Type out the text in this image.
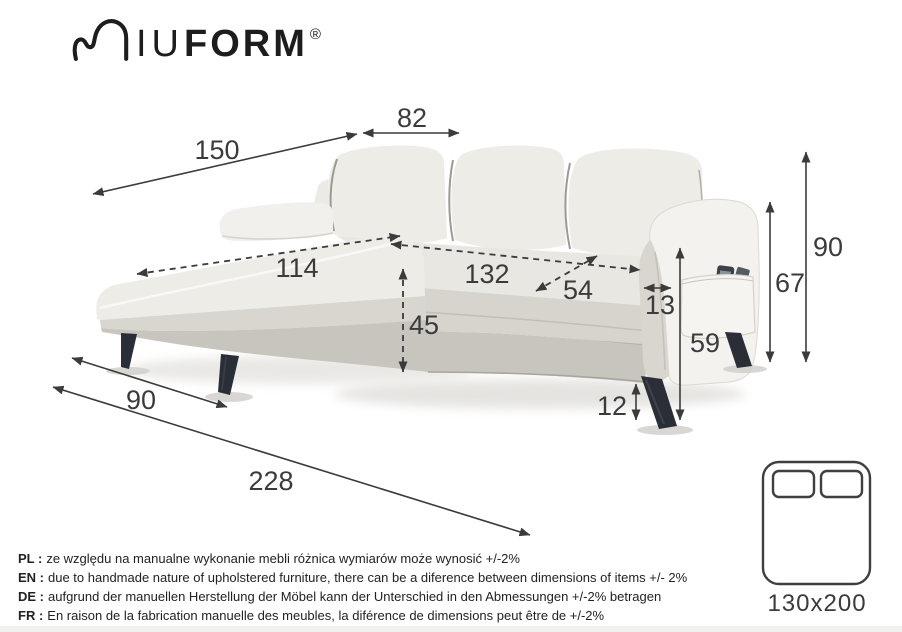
IU FORM ®
150
82
114	132
54
45
13
59
12
67
90
90
228
130x200
PL : ze względu na manualne wykonanie mebli różnica wymiarów może wynosić +/-2%
EN : due to handmade nature of upholstered furniture, there can be a diference between dimensions of items +/- 2%
DE : aufgrund der manuellen Herstellung der Möbel kann der Unterschied in den Abmessungen +/-2% betragen
FR : En raison de la fabrication manuelle des meubles, la diférence de dimensions peut être de +/-2%
